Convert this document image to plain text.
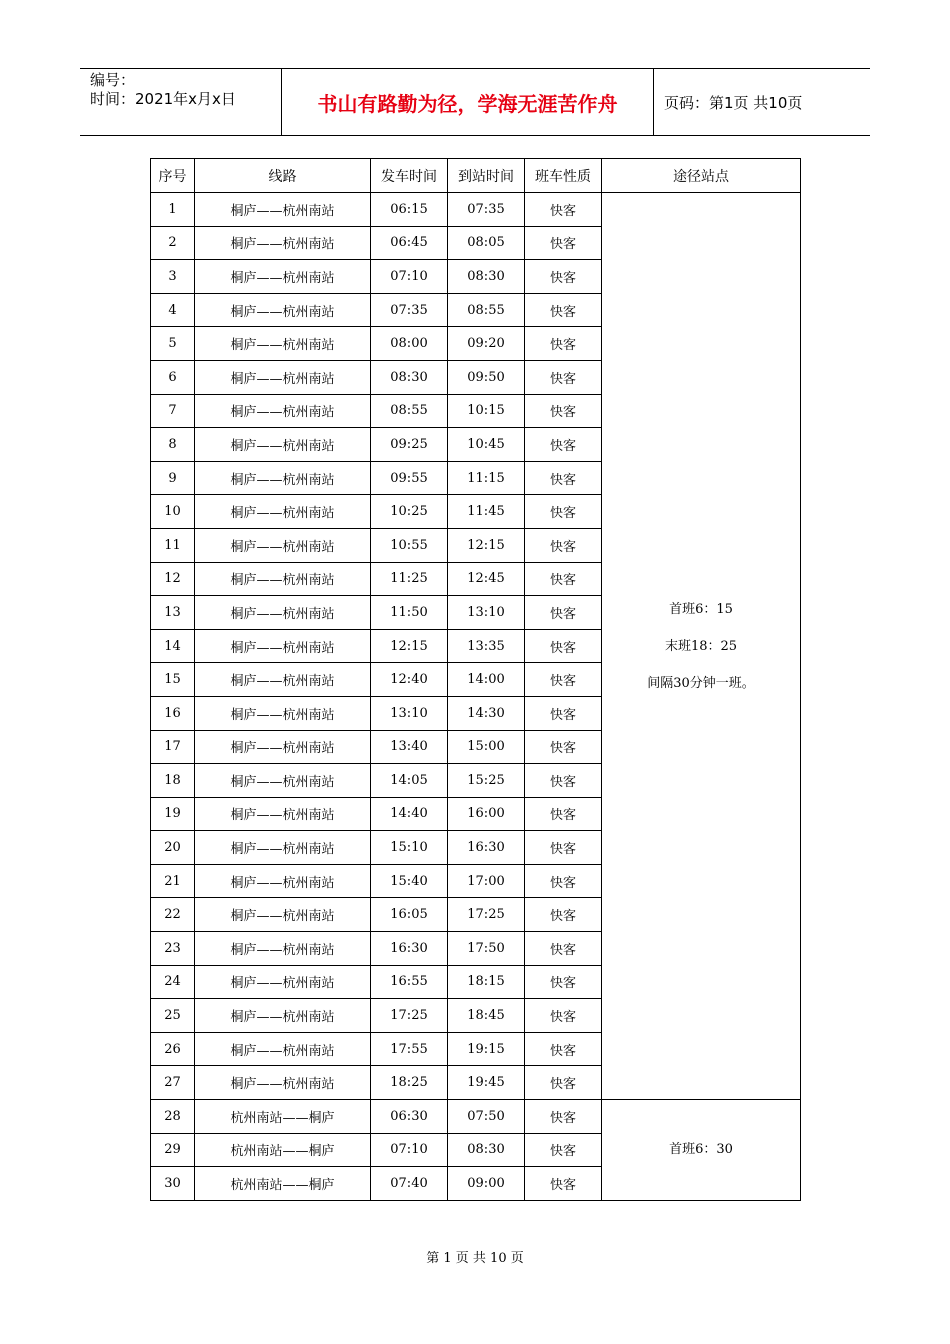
编号：
时间：2021年x月x日	书山有路勤为径，学海无涯苦作舟	页码：第1页 共10页
序号	线路	发车时间	到站时间	班车性质	途径站点
1	桐庐——杭州南站	06:15	07:35	快客	首班6：15
末班18：25
间隔30分钟一班。

2	桐庐——杭州南站	06:45	08:05	快客	
3	桐庐——杭州南站	07:10	08:30	快客	
4	桐庐——杭州南站	07:35	08:55	快客	
5	桐庐——杭州南站	08:00	09:20	快客	
6	桐庐——杭州南站	08:30	09:50	快客	
7	桐庐——杭州南站	08:55	10:15	快客	
8	桐庐——杭州南站	09:25	10:45	快客	
9	桐庐——杭州南站	09:55	11:15	快客	
10	桐庐——杭州南站	10:25	11:45	快客	
11	桐庐——杭州南站	10:55	12:15	快客	
12	桐庐——杭州南站	11:25	12:45	快客	
13	桐庐——杭州南站	11:50	13:10	快客	
14	桐庐——杭州南站	12:15	13:35	快客	
15	桐庐——杭州南站	12:40	14:00	快客	
16	桐庐——杭州南站	13:10	14:30	快客	
17	桐庐——杭州南站	13:40	15:00	快客	
18	桐庐——杭州南站	14:05	15:25	快客	
19	桐庐——杭州南站	14:40	16:00	快客	
20	桐庐——杭州南站	15:10	16:30	快客	
21	桐庐——杭州南站	15:40	17:00	快客	
22	桐庐——杭州南站	16:05	17:25	快客	
23	桐庐——杭州南站	16:30	17:50	快客	
24	桐庐——杭州南站	16:55	18:15	快客	
25	桐庐——杭州南站	17:25	18:45	快客	
26	桐庐——杭州南站	17:55	19:15	快客	
27	桐庐——杭州南站	18:25	19:45	快客	
28	杭州南站——桐庐	06:30	07:50	快客	首班6：30

29	杭州南站——桐庐	07:10	08:30	快客	
30	杭州南站——桐庐	07:40	09:00	快客	
第 1 页 共 10 页
